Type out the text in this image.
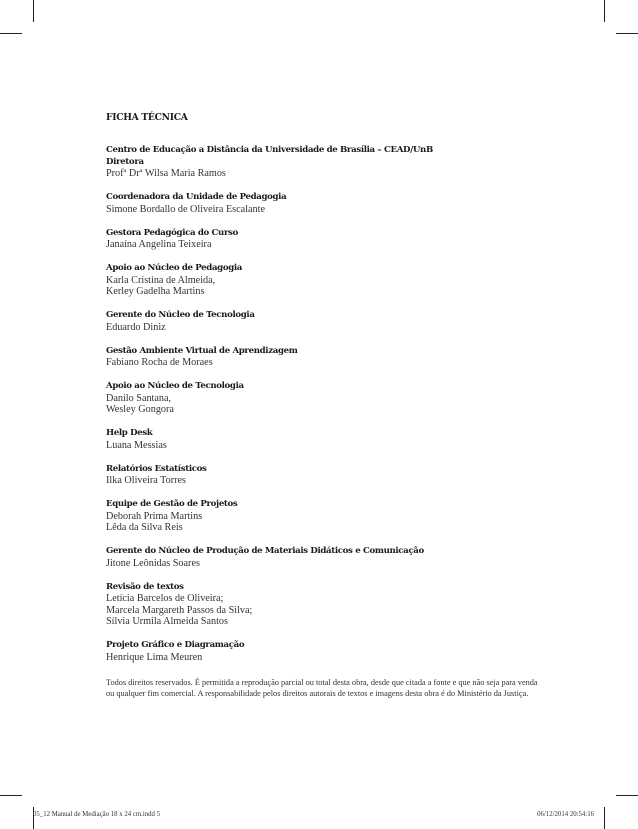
FICHA TÉCNICA
Centro de Educação a Distância da Universidade de Brasília – CEAD/UnB
Diretora
Profª Drª Wilsa Maria Ramos
Coordenadora da Unidade de Pedagogia
Simone Bordallo de Oliveira Escalante
Gestora Pedagógica do Curso
Janaína Angelina Teixeira
Apoio ao Núcleo de Pedagogia
Karla Cristina de Almeida,
Kerley Gadelha Martins
Gerente do Núcleo de Tecnologia
Eduardo Diniz
Gestão Ambiente Virtual de Aprendizagem
Fabiano Rocha de Moraes
Apoio ao Núcleo de Tecnologia
Danilo Santana,
Wesley Gongora
Help Desk
Luana Messias
Relatórios Estatísticos
Ilka Oliveira Torres
Equipe de Gestão de Projetos
Deborah Prima Martins
Lêda da Silva Reis
Gerente do Núcleo de Produção de Materiais Didáticos e Comunicação
Jitone Leônidas Soares
Revisão de textos
Letícia Barcelos de Oliveira;
Marcela Margareth Passos da Silva;
Sílvia Urmila Almeida Santos
Projeto Gráfico e Diagramação
Henrique Lima Meuren
Todos direitos reservados. É permitida a reprodução parcial ou total desta obra, desde que citada a fonte e que não seja para venda ou qualquer fim comercial. A responsabilidade pelos direitos autorais de textos e imagens desta obra é do Ministério da Justiça.
05_12 Manual de Mediação 18 x 24 cm.indd 5	06/12/2014 20:54:16
